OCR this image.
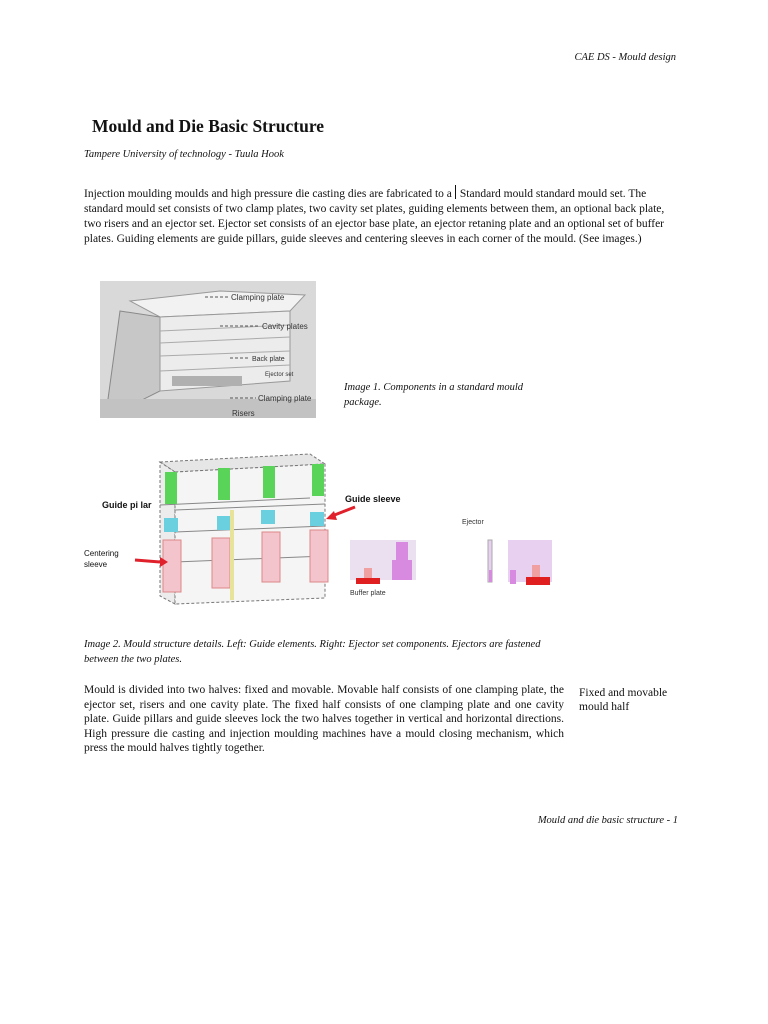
CAE DS - Mould design
Mould and Die Basic Structure
Tampere University of technology - Tuula Hook
Injection moulding moulds and high pressure die casting dies are fabricated to a Standard mould standard mould set. The standard mould set consists of two clamp plates, two cavity set plates, guiding elements between them, an optional back plate, two risers and an ejector set. Ejector set consists of an ejector base plate, an ejector retaning plate and an optional set of buffer plates. Guiding elements are guide pillars, guide sleeves and centering sleeves in each corner of the mould. (See images.)
Clamping plate
Cavity plates
Back plate
Ejector set
Clamping plate
Risers
Image 1. Components in a standard mould package.
Guide pi lar
Guide sleeve
Centering
sleeve
Buffer plate
Ejector
Image 2. Mould structure details. Left: Guide elements. Right: Ejector set components. Ejectors are fastened between the two plates.
Mould is divided into two halves: fixed and movable. Movable half consists of one clamping plate, the ejector set, risers and one cavity plate. The fixed half consists of one clamping plate and one cavity plate. Guide pillars and guide sleeves lock the two halves together in vertical and horizontal directions. High pressure die casting and injection moulding machines have a mould closing mechanism, which press the mould halves tightly together.
Fixed and movable mould half
Mould and die basic structure - 1
